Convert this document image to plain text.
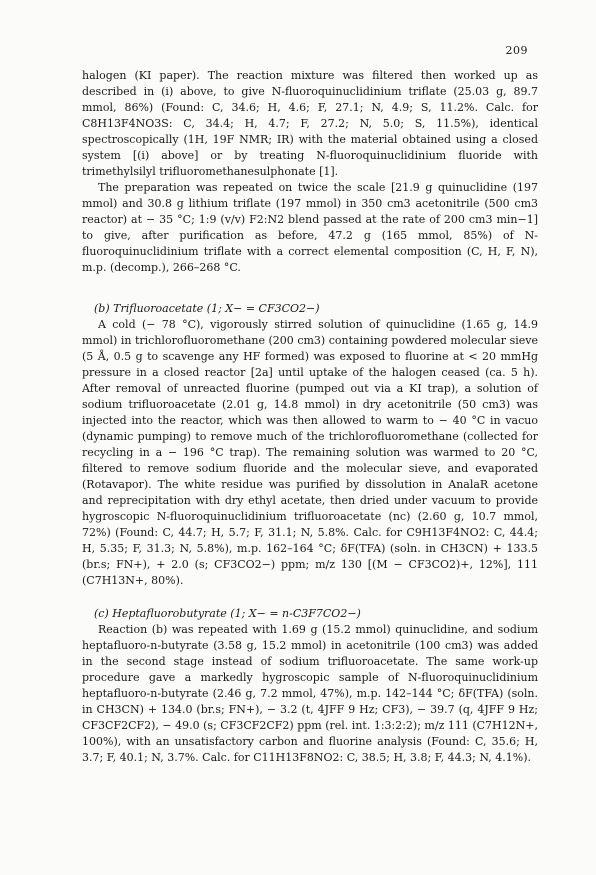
209

halogen (KI paper). The reaction mixture was filtered then worked up as described in (i) above, to give N-fluoroquinuclidinium triflate (25.03 g, 89.7 mmol, 86%) (Found: C, 34.6; H, 4.6; F, 27.1; N, 4.9; S, 11.2%. Calc. for C8H13F4NO3S: C, 34.4; H, 4.7; F, 27.2; N, 5.0; S, 11.5%), identical spectroscopically (1H, 19F NMR; IR) with the material obtained using a closed system [(i) above] or by treating N-fluoroquinuclidinium fluoride with trimethylsilyl trifluoromethanesulphonate [1].

The preparation was repeated on twice the scale [21.9 g quinuclidine (197 mmol) and 30.8 g lithium triflate (197 mmol) in 350 cm3 acetonitrile (500 cm3 reactor) at − 35 °C; 1:9 (v/v) F2:N2 blend passed at the rate of 200 cm3 min−1] to give, after purification as before, 47.2 g (165 mmol, 85%) of N-fluoroquinuclidinium triflate with a correct elemental composition (C, H, F, N), m.p. (decomp.), 266–268 °C.

(b) Trifluoroacetate (1; X− = CF3CO2−)

A cold (− 78 °C), vigorously stirred solution of quinuclidine (1.65 g, 14.9 mmol) in trichlorofluoromethane (200 cm3) containing powdered molecular sieve (5 Å, 0.5 g to scavenge any HF formed) was exposed to fluorine at < 20 mmHg pressure in a closed reactor [2a] until uptake of the halogen ceased (ca. 5 h). After removal of unreacted fluorine (pumped out via a KI trap), a solution of sodium trifluoroacetate (2.01 g, 14.8 mmol) in dry acetonitrile (50 cm3) was injected into the reactor, which was then allowed to warm to − 40 °C in vacuo (dynamic pumping) to remove much of the trichlorofluoromethane (collected for recycling in a − 196 °C trap). The remaining solution was warmed to 20 °C, filtered to remove sodium fluoride and the molecular sieve, and evaporated (Rotavapor). The white residue was purified by dissolution in AnalaR acetone and reprecipitation with dry ethyl acetate, then dried under vacuum to provide hygroscopic N-fluoroquinuclidinium trifluoroacetate (nc) (2.60 g, 10.7 mmol, 72%) (Found: C, 44.7; H, 5.7; F, 31.1; N, 5.8%. Calc. for C9H13F4NO2: C, 44.4; H, 5.35; F, 31.3; N, 5.8%), m.p. 162–164 °C; δF(TFA) (soln. in CH3CN) + 133.5 (br.s; FN+), + 2.0 (s; CF3CO2−) ppm; m/z 130 [(M − CF3CO2)+, 12%], 111 (C7H13N+, 80%).

(c) Heptafluorobutyrate (1; X− = n-C3F7CO2−)

Reaction (b) was repeated with 1.69 g (15.2 mmol) quinuclidine, and sodium heptafluoro-n-butyrate (3.58 g, 15.2 mmol) in acetonitrile (100 cm3) was added in the second stage instead of sodium trifluoroacetate. The same work-up procedure gave a markedly hygroscopic sample of N-fluoroquinuclidinium heptafluoro-n-butyrate (2.46 g, 7.2 mmol, 47%), m.p. 142–144 °C; δF(TFA) (soln. in CH3CN) + 134.0 (br.s; FN+), − 3.2 (t, 4JFF 9 Hz; CF3), − 39.7 (q, 4JFF 9 Hz; CF3CF2CF2), − 49.0 (s; CF3CF2CF2) ppm (rel. int. 1:3:2:2); m/z 111 (C7H12N+, 100%), with an unsatisfactory carbon and fluorine analysis (Found: C, 35.6; H, 3.7; F, 40.1; N, 3.7%. Calc. for C11H13F8NO2: C, 38.5; H, 3.8; F, 44.3; N, 4.1%).
